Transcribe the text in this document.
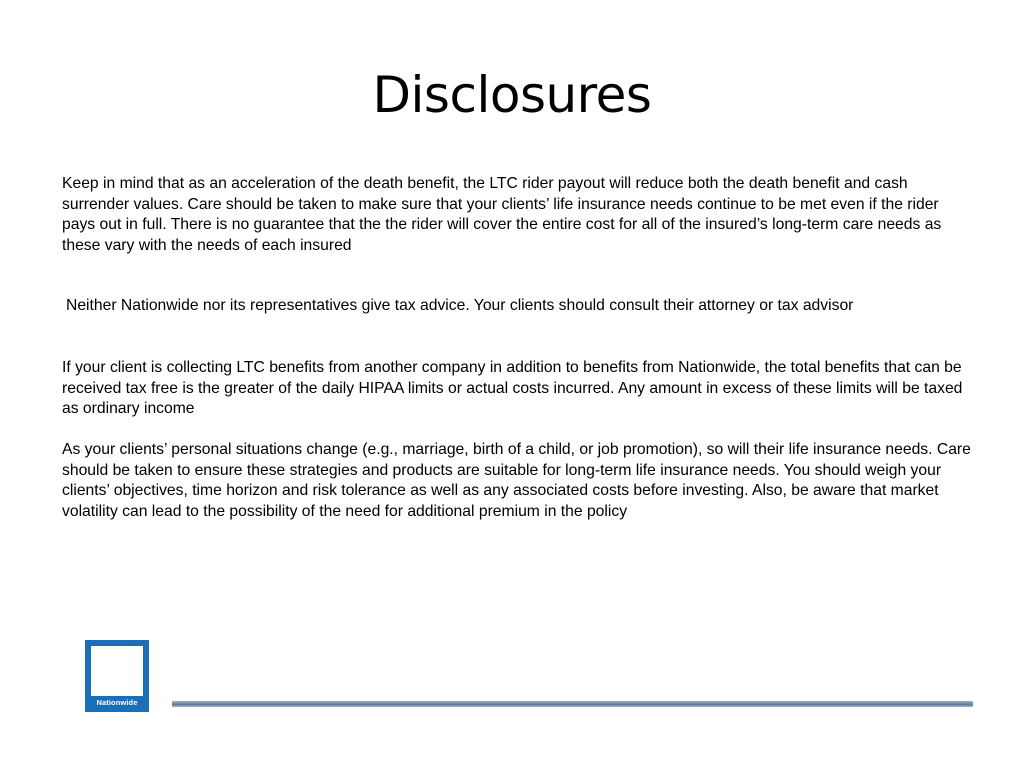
Disclosures

Keep in mind that as an acceleration of the death benefit, the LTC rider payout will reduce both the death benefit and cash surrender values. Care should be taken to make sure that your clients’ life insurance needs continue to be met even if the rider pays out in full. There is no guarantee that the the rider will cover the entire cost for all of the insured’s long-term care needs as these vary with the needs of each insured

Neither Nationwide nor its representatives give tax advice. Your clients should consult their attorney or tax advisor

If your client is collecting LTC benefits from another company in addition to benefits from Nationwide, the total benefits that can be received tax free is the greater of the daily HIPAA limits or actual costs incurred. Any amount in excess of these limits will be taxed as ordinary income

As your clients’ personal situations change (e.g., marriage, birth of a child, or job promotion), so will their life insurance needs. Care should be taken to ensure these strategies and products are suitable for long-term life insurance needs. You should weigh your clients’ objectives, time horizon and risk tolerance as well as any associated costs before investing. Also, be aware that market volatility can lead to the possibility of the need for additional premium in the policy

Nationwide
